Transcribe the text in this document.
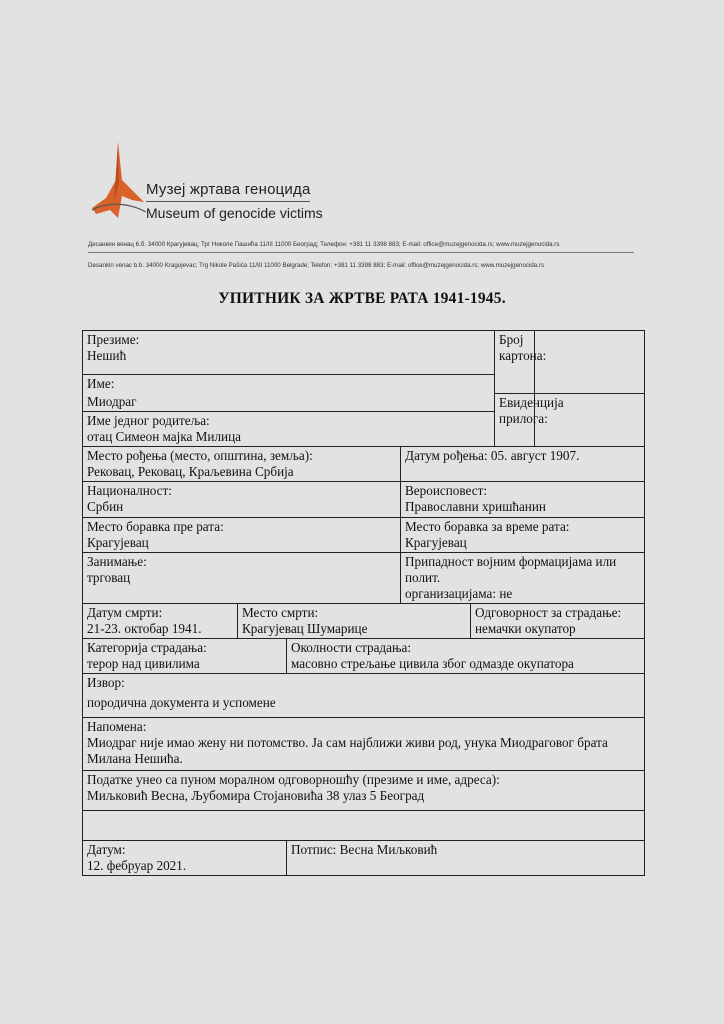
Музеј жртава геноцида
Museum of genocide victims
Десанкин венац 6.б. 34000 Крагујевац; Трг Николе Пашића 11/III 11000 Београд; Телефон: +381 11 3398 883; E-mail: office@muzejgenocida.rs; www.muzejgenocida.rs
Desankin venac b.b. 34000 Kragujevac; Trg Nikole Pašića 11/III 11000 Belgrade; Telefon: +381 11 3398 883; E-mail: office@muzejgenocida.rs; www.muzejgenocida.rs
УПИТНИК ЗА ЖРТВЕ РАТА 1941-1945.
Презиме:
Нешић					Број картона:	

Име:						

Миодраг					Евиденција прилога:	

Име једног родитеља:
отац Симеон мајка Милица						

Место рођења (место, општина, земља):
Рековац, Рековац, Краљевина Србија			Датум рођења: 05. август 1907.			

Националност:
Србин			Вероисповест:
Православни хришћанин			

Место боравка пре рата:
Крагујевац			Место боравка за време рата:
Крагујевац			

Занимање:
трговац			Припадност војним формацијама или полит.
организацијама: не			

Датум смрти:
21-23. октобар 1941.	Место смрти:
Крагујевац Шумарице			Одговорност за страдање:
немачки окупатор		

Категорија страдања:
терор над цивилима		Околности страдања:
масовно стрељање цивила због одмазде окупатора				

Извор:
породична документа и успомене						

Напомена:
Миодраг није имао жену ни потомство. Ја сам најближи живи род, унука Миодраговог брата Милана Нешића.						

Податке унео са пуном моралном одговорношћу (презиме и име, адреса):
Миљковић Весна, Љубомира Стојановића 38 улаз 5 Београд						

Датум:
12. фебруар 2021.		Потпис: Весна Миљковић				
